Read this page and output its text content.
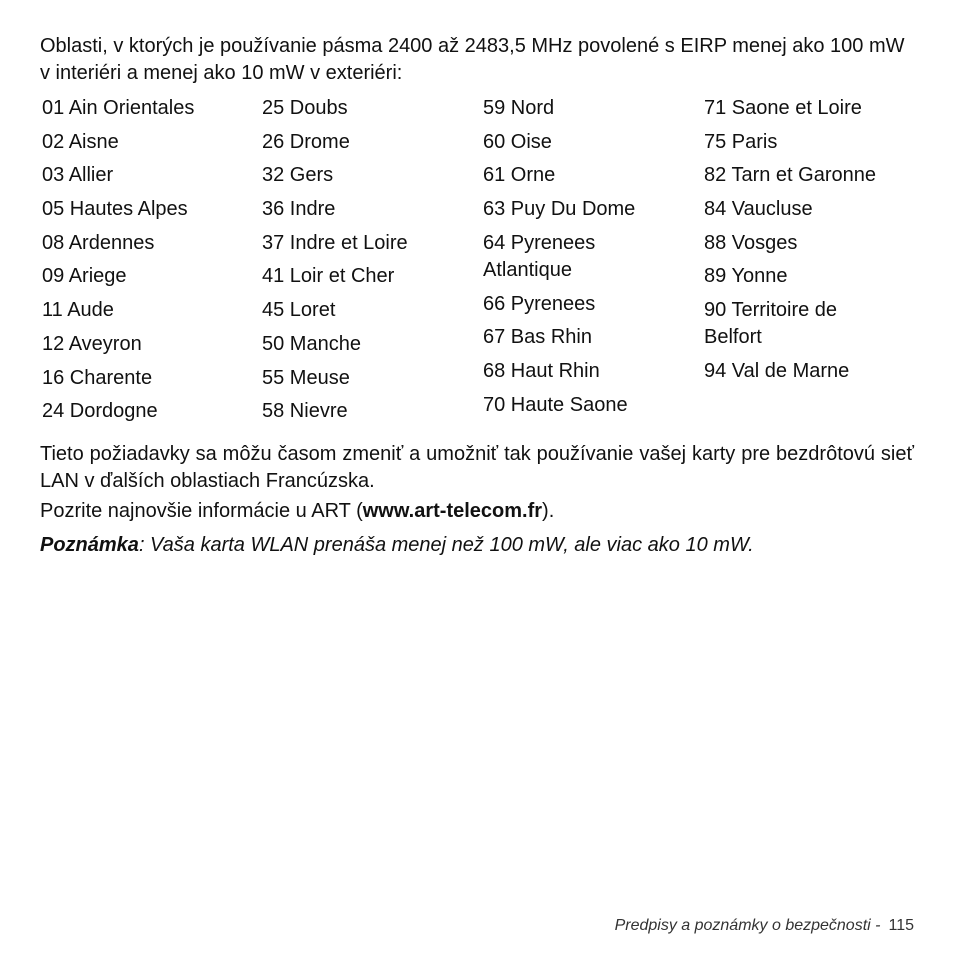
Oblasti, v ktorých je používanie pásma 2400 až 2483,5 MHz povolené s EIRP menej ako 100 mW v interiéri a menej ako 10 mW v exteriéri:

01 Ain Orientales
02 Aisne
03 Allier
05 Hautes Alpes
08 Ardennes
09 Ariege
11 Aude
12 Aveyron
16 Charente
24 Dordogne
25 Doubs
26 Drome
32 Gers
36 Indre
37 Indre et Loire
41 Loir et Cher
45 Loret
50 Manche
55 Meuse
58 Nievre
59 Nord
60 Oise
61 Orne
63 Puy Du Dome
64 Pyrenees Atlantique
66 Pyrenees
67 Bas Rhin
68 Haut Rhin
70 Haute Saone
71 Saone et Loire
75 Paris
82 Tarn et Garonne
84 Vaucluse
88 Vosges
89 Yonne
90 Territoire de Belfort
94 Val de Marne

Tieto požiadavky sa môžu časom zmeniť a umožniť tak používanie vašej karty pre bezdrôtovú sieť LAN v ďalších oblastiach Francúzska.

Pozrite najnovšie informácie u ART (www.art-telecom.fr).

Poznámka: Vaša karta WLAN prenáša menej než 100 mW, ale viac ako 10 mW.

Predpisy a poznámky o bezpečnosti - 115
